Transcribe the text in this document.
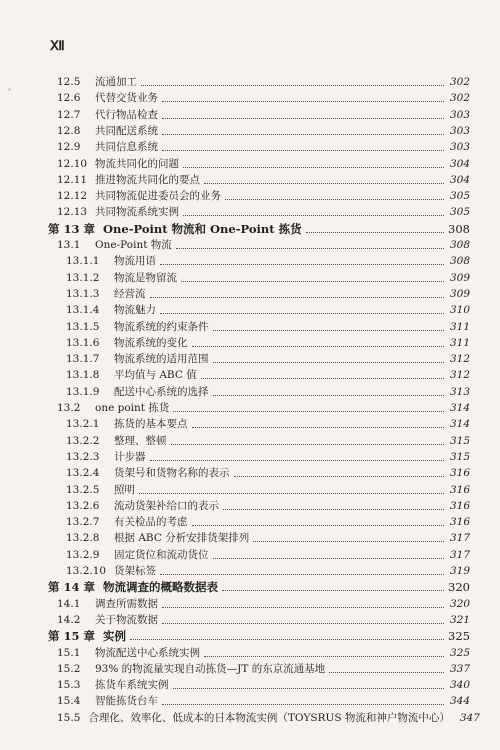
Ⅻ
12.5	流通加工	302
12.6	代替交货业务	302
12.7	代行物品检查	303
12.8	共同配送系统	303
12.9	共同信息系统	303
12.10 物流共同化的问题	304
12.11 推进物流共同化的要点	304
12.12 共同物流促进委员会的业务	305
12.13 共同物流系统实例	305
第 13 章 One-Point 物流和 One-Point 拣货	308
13.1	One-Point 物流	308
13.1.1	物流用语	308
13.1.2	物流是物留流	309
13.1.3	经营流	309
13.1.4	物流魅力	310
13.1.5	物流系统的约束条件	311
13.1.6	物流系统的变化	311
13.1.7	物流系统的适用范围	312
13.1.8	平均值与 ABC 值	312
13.1.9	配送中心系统的选择	313
13.2	one point 拣货	314
13.2.1	拣货的基本要点	314
13.2.2	整理、整顿	315
13.2.3	计步器	315
13.2.4	货架号和货物名称的表示	316
13.2.5	照明	316
13.2.6	流动货架补给口的表示	316
13.2.7	有关检品的考虑	316
13.2.8	根据 ABC 分析安排货架排列	317
13.2.9	固定货位和流动货位	317
13.2.10 货架标签	319
第 14 章 物流调查的概略数据表	320
14.1	调查所需数据	320
14.2	关于物流数据	321
第 15 章 实例	325
15.1	物流配送中心系统实例	325
15.2	93% 的物流量实现自动拣货—JT 的东京流通基地	337
15.3	拣货车系统实例	340
15.4	智能拣货台车	344
15.5 合理化、效率化、低成本的日本物流实例（TOYSRUS 物流和神户物流中心） 347
